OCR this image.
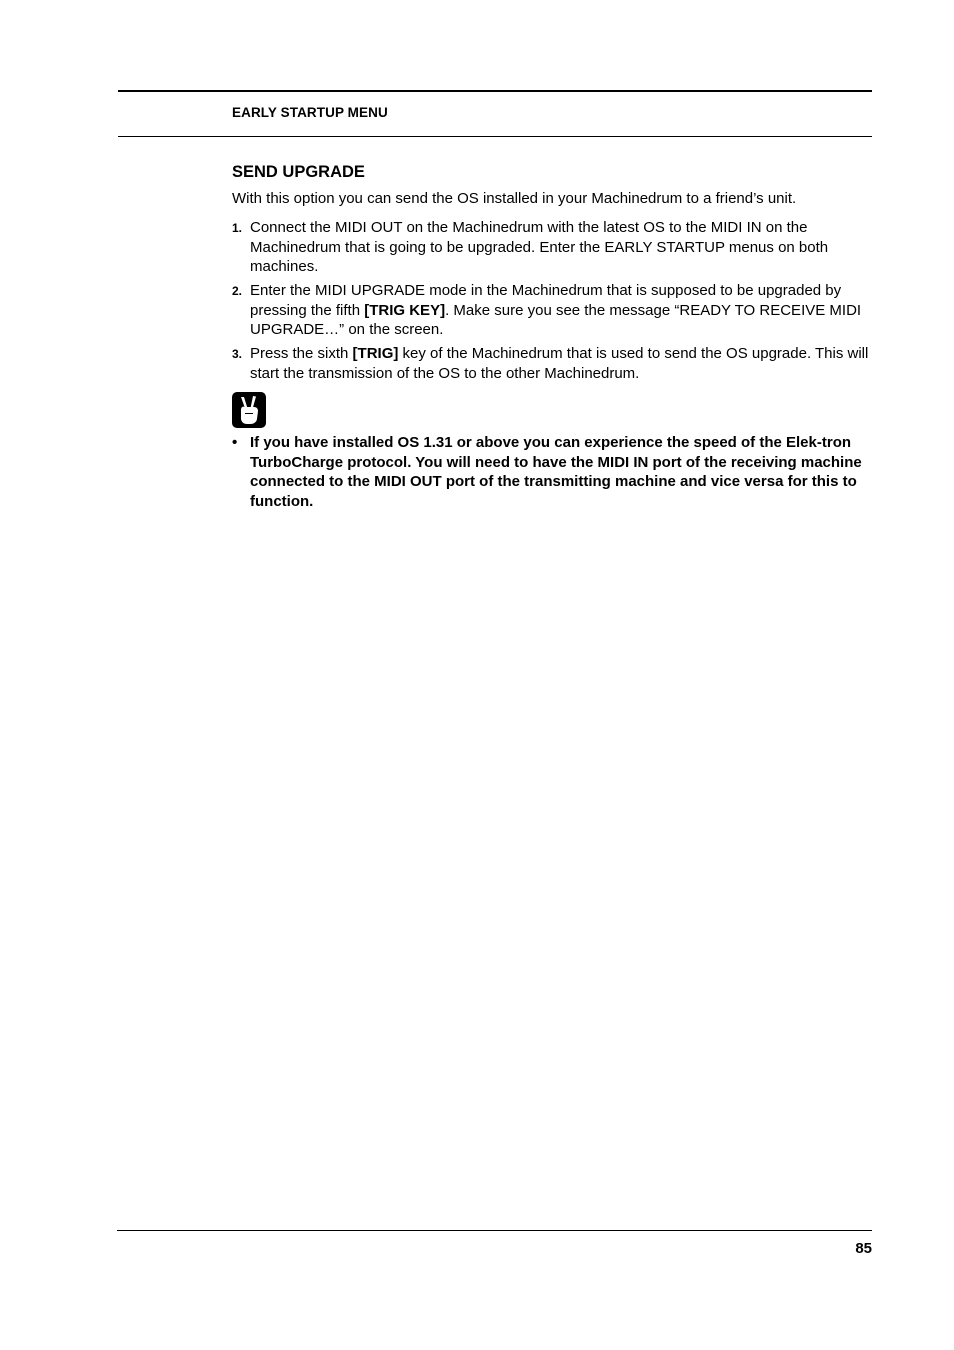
EARLY STARTUP MENU
SEND UPGRADE
With this option you can send the OS installed in your Machinedrum to a friend’s unit.
1. Connect the MIDI OUT on the Machinedrum with the latest OS to the MIDI IN on the Machinedrum that is going to be upgraded. Enter the EARLY STARTUP menus on both machines.
2. Enter the MIDI UPGRADE mode in the Machinedrum that is supposed to be upgraded by pressing the fifth [TRIG KEY]. Make sure you see the message “READY TO RECEIVE MIDI UPGRADE…” on the screen.
3. Press the sixth [TRIG] key of the Machinedrum that is used to send the OS upgrade. This will start the transmission of the OS to the other Machinedrum.
• If you have installed OS 1.31 or above you can experience the speed of the Elek-tron TurboCharge protocol. You will need to have the MIDI IN port of the receiving machine connected to the MIDI OUT port of the transmitting machine and vice versa for this to function.
85
